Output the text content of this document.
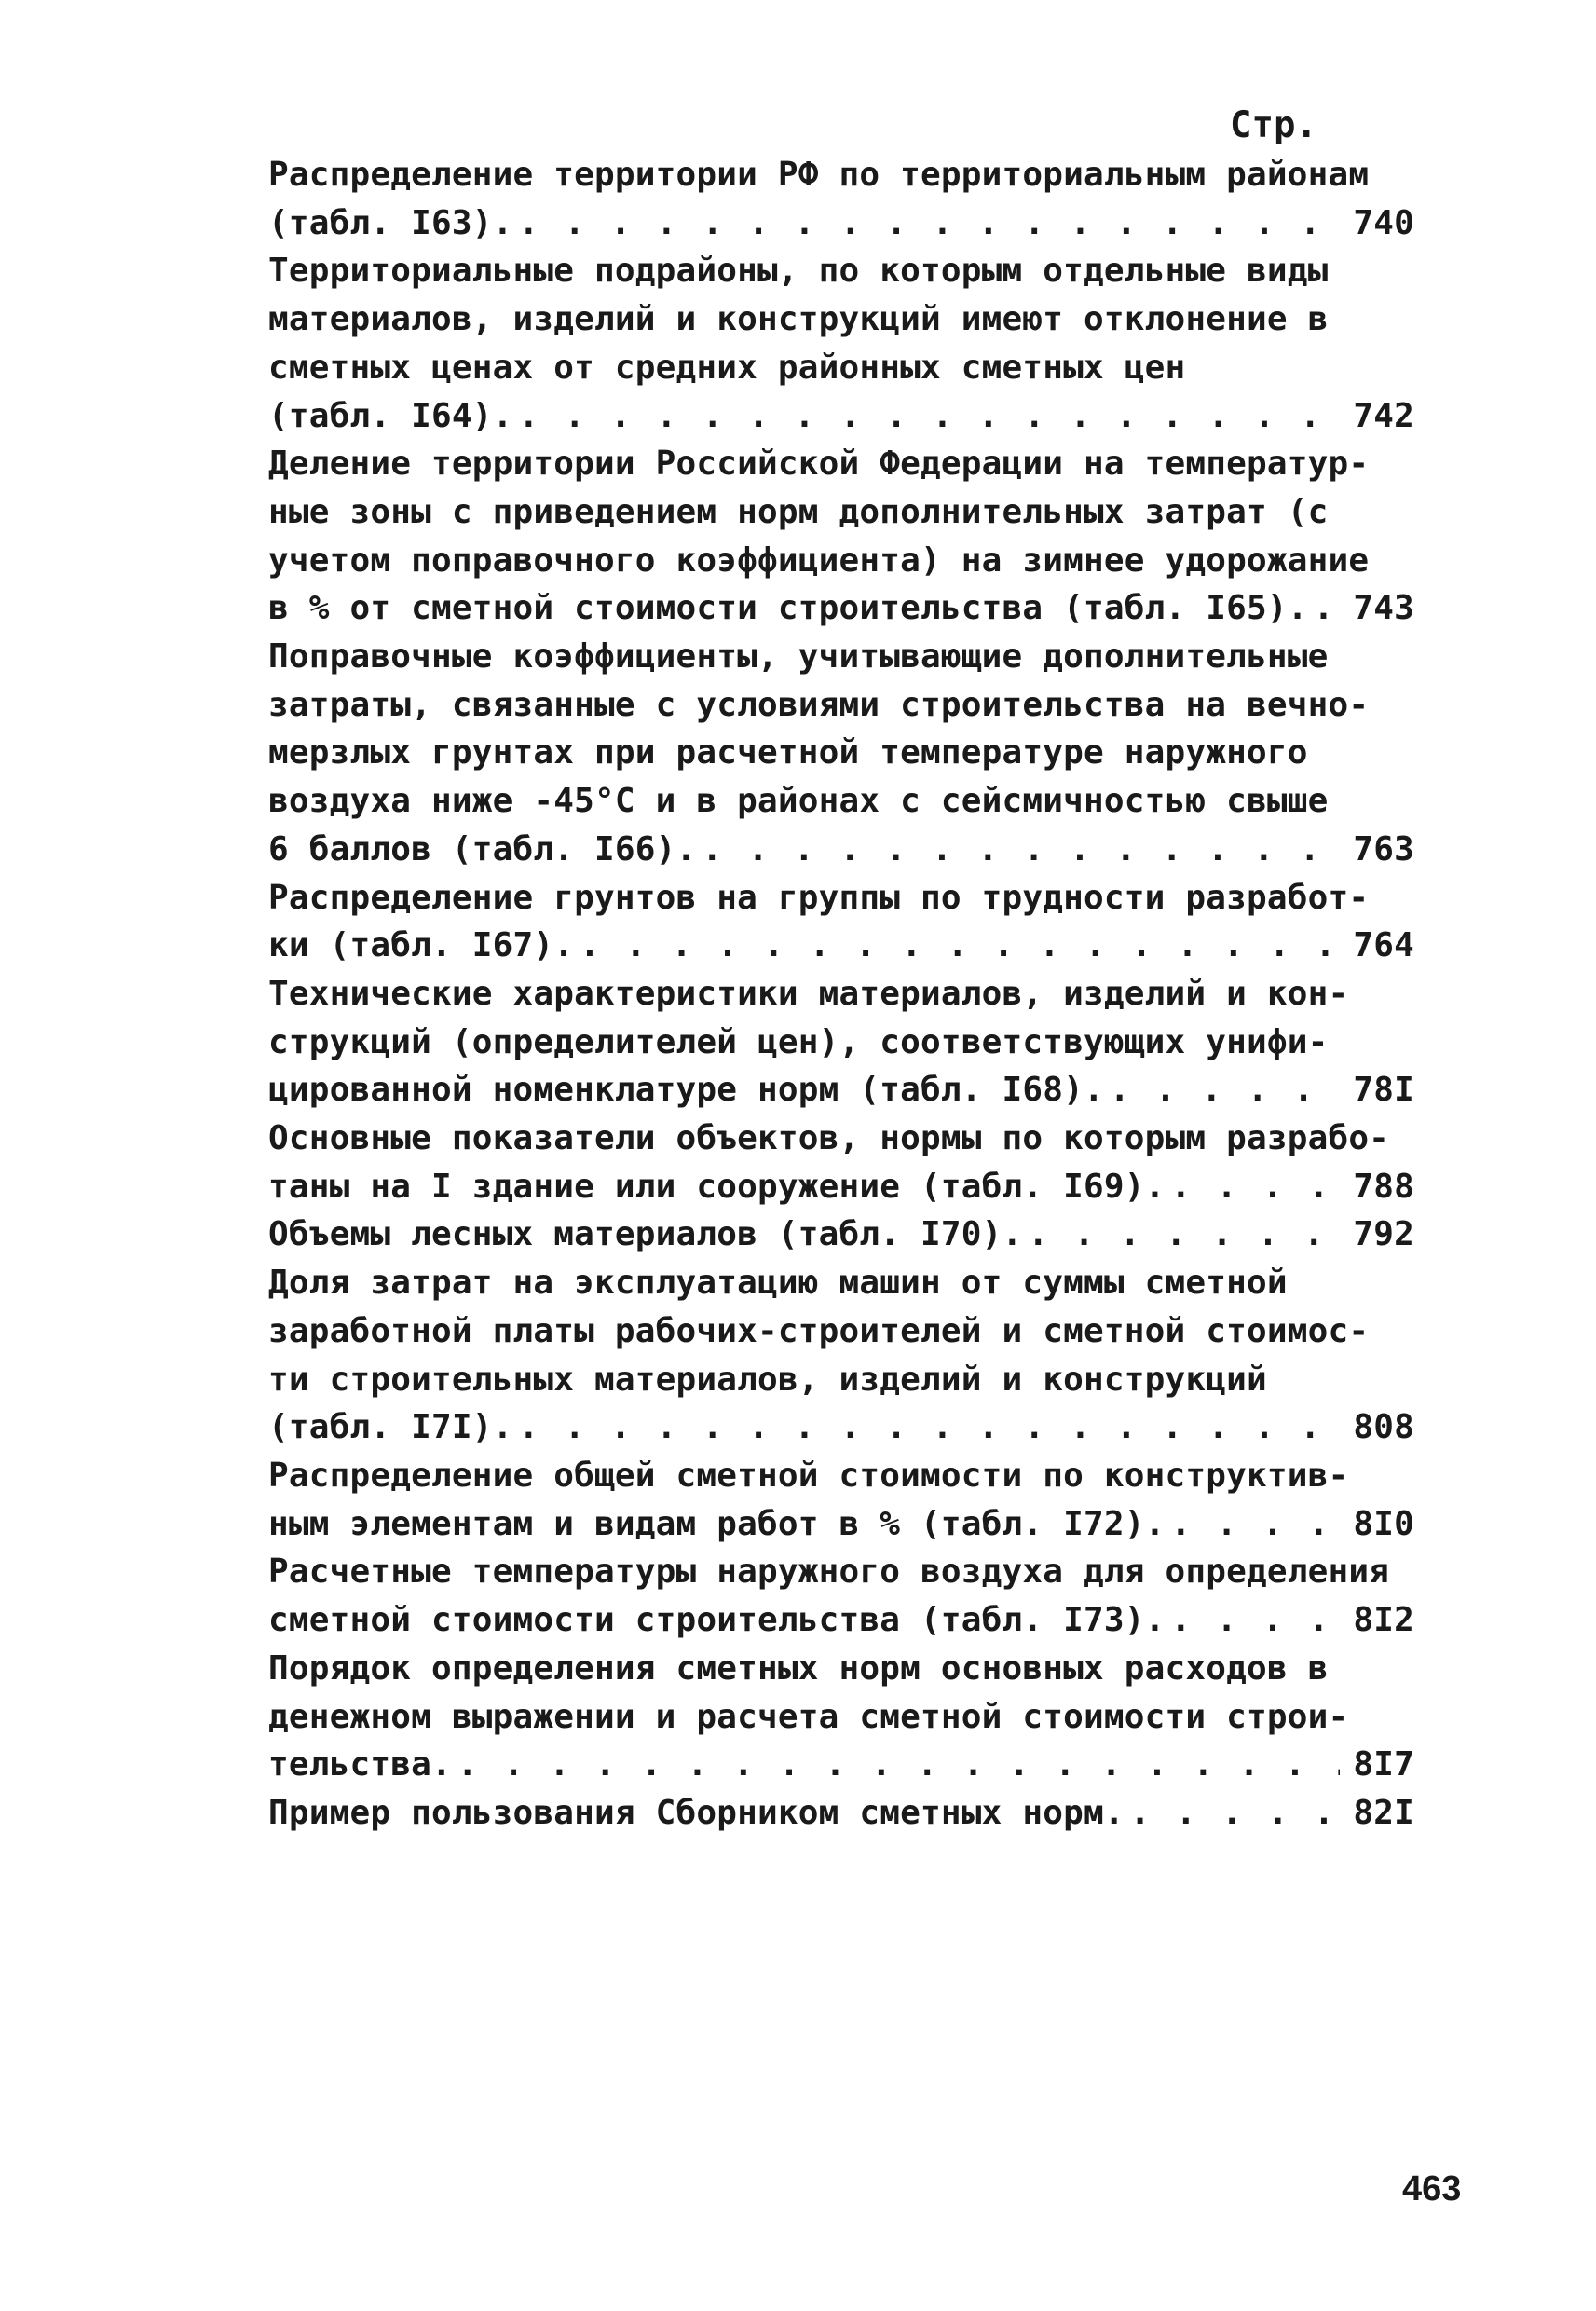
Стр.
Распределение территории РФ по территориальным районам
(табл. I63). . . .	740
Территориальные подрайоны, по которым отдельные виды
материалов, изделий и конструкций имеют отклонение в
сметных ценах от средних районных сметных цен
(табл. I64). . . .	742
Деление территории Российской Федерации на температур-
ные зоны с приведением норм дополнительных затрат (с
учетом поправочного коэффициента) на зимнее удорожание
в % от сметной стоимости строительства (табл. I65). . . . 743
Поправочные коэффициенты, учитывающие дополнительные
затраты, связанные с условиями строительства на вечно-
мерзлых грунтах при расчетной температуре наружного
воздуха ниже -45°С и в районах с сейсмичностью свыше
6 баллов (табл. I66). . . .	763
Распределение грунтов на группы по трудности разработ-
ки (табл. I67). . . .	764
Технические характеристики материалов, изделий и кон-
струкций (определителей цен), соответствующих унифи-
цированной номенклатуре норм (табл. I68). . . .	78I
Основные показатели объектов, нормы по которым разрабо-
таны на I здание или сооружение (табл. I69). . . .	788
Объемы лесных материалов (табл. I70). . . .	792
Доля затрат на эксплуатацию машин от суммы сметной
заработной платы рабочих-строителей и сметной стоимос-
ти строительных материалов, изделий и конструкций
(табл. I7I). . . .	808
Распределение общей сметной стоимости по конструктив-
ным элементам и видам работ в % (табл. I72). . . .	8I0
Расчетные температуры наружного воздуха для определения
сметной стоимости строительства (табл. I73). . . .	8I2
Порядок определения сметных норм основных расходов в
денежном выражении и расчета сметной стоимости строи-
тельства. . . .	8I7
Пример пользования Сборником сметных норм. . . .	82I
463
